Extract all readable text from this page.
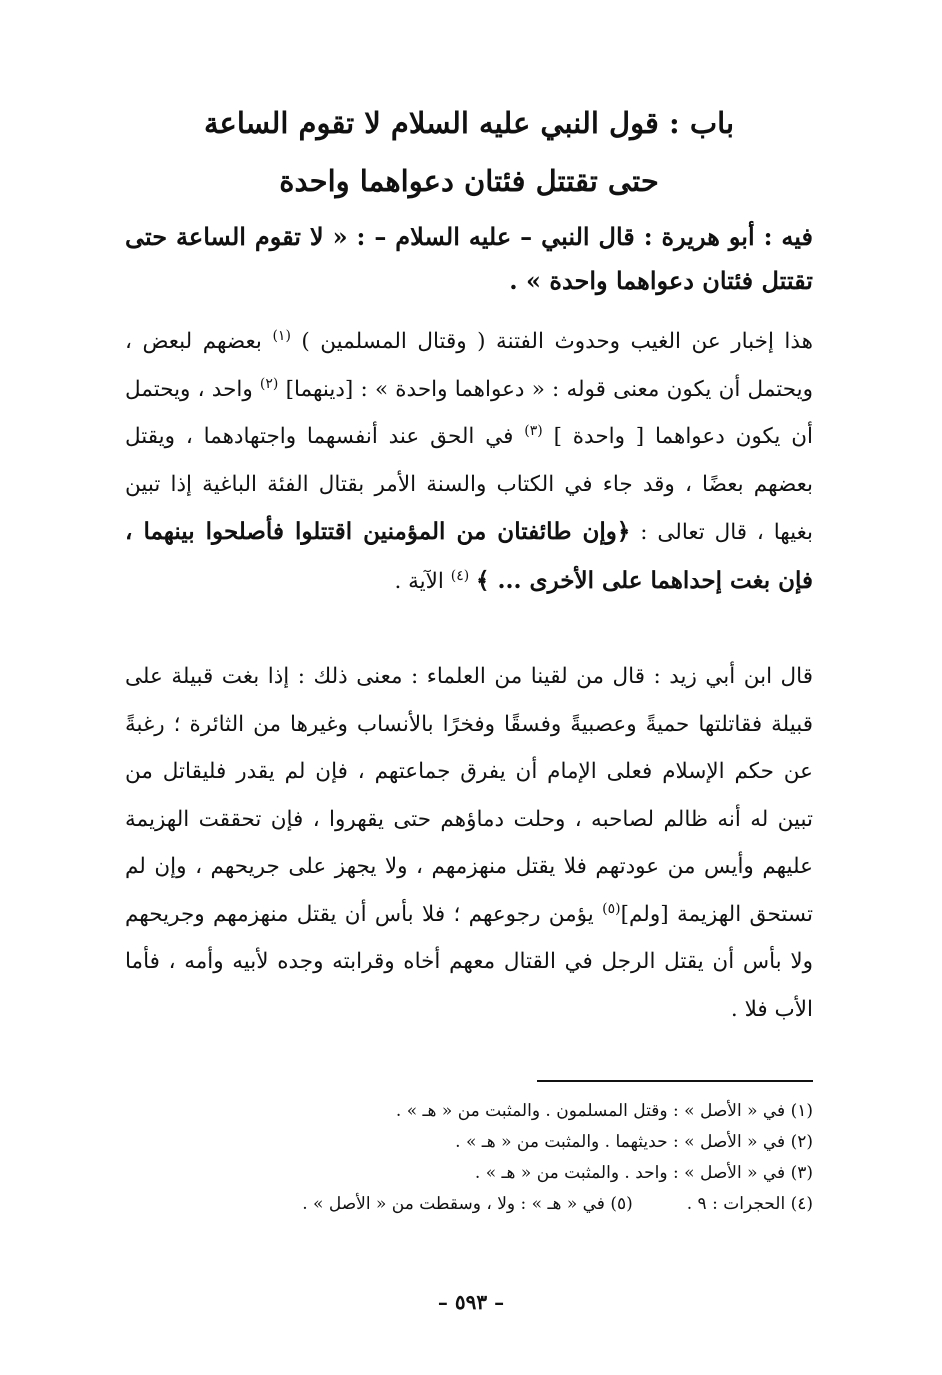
باب : قول النبي عليه السلام لا تقوم الساعة
حتى تقتتل فئتان دعواهما واحدة
فيه : أبو هريرة : قال النبي – عليه السلام – : « لا تقوم الساعة حتى تقتتل فئتان دعواهما واحدة » .
هذا إخبار عن الغيب وحدوث الفتنة ( وقتال المسلمين ) $^{(١)}$ بعضهم لبعض ، ويحتمل أن يكون معنى قوله : « دعواهما واحدة » : [دينهما] $^{(٢)}$ واحد ، ويحتمل أن يكون دعواهما [ واحدة ] $^{(٣)}$ في الحق عند أنفسهما واجتهادهما ، ويقتل بعضهم بعضًا ، وقد جاء في الكتاب والسنة الأمر بقتال الفئة الباغية إذا تبين بغيها ، قال تعالى : ﴿وإن طائفتان من المؤمنين اقتتلوا فأصلحوا بينهما ، فإن بغت إحداهما على الأخرى ... ﴾ $^{(٤)}$ الآية .
قال ابن أبي زيد : قال من لقينا من العلماء : معنى ذلك : إذا بغت قبيلة على قبيلة فقاتلتها حميةً وعصبيةً وفسقًا وفخرًا بالأنساب وغيرها من الثائرة ؛ رغبةً عن حكم الإسلام فعلى الإمام أن يفرق جماعتهم ، فإن لم يقدر فليقاتل من تبين له أنه ظالم لصاحبه ، وحلت دماؤهم حتى يقهروا ، فإن تحققت الهزيمة عليهم وأيس من عودتهم فلا يقتل منهزمهم ، ولا يجهز على جريحهم ، وإن لم تستحق الهزيمة [ولم]$^{(٥)}$ يؤمن رجوعهم ؛ فلا بأس أن يقتل منهزمهم وجريحهم ولا بأس أن يقتل الرجل في القتال معهم أخاه وقرابته وجده لأبيه وأمه ، فأما الأب فلا .
(١) في « الأصل » : وقتل المسلمون . والمثبت من « هـ » .
(٢) في « الأصل » : حديثهما . والمثبت من « هـ » .
(٣) في « الأصل » : واحد . والمثبت من « هـ » .
(٤) الحجرات : ٩ .(٥) في « هـ » : ولا ، وسقطت من « الأصل » .
– ٥٩٣ –
